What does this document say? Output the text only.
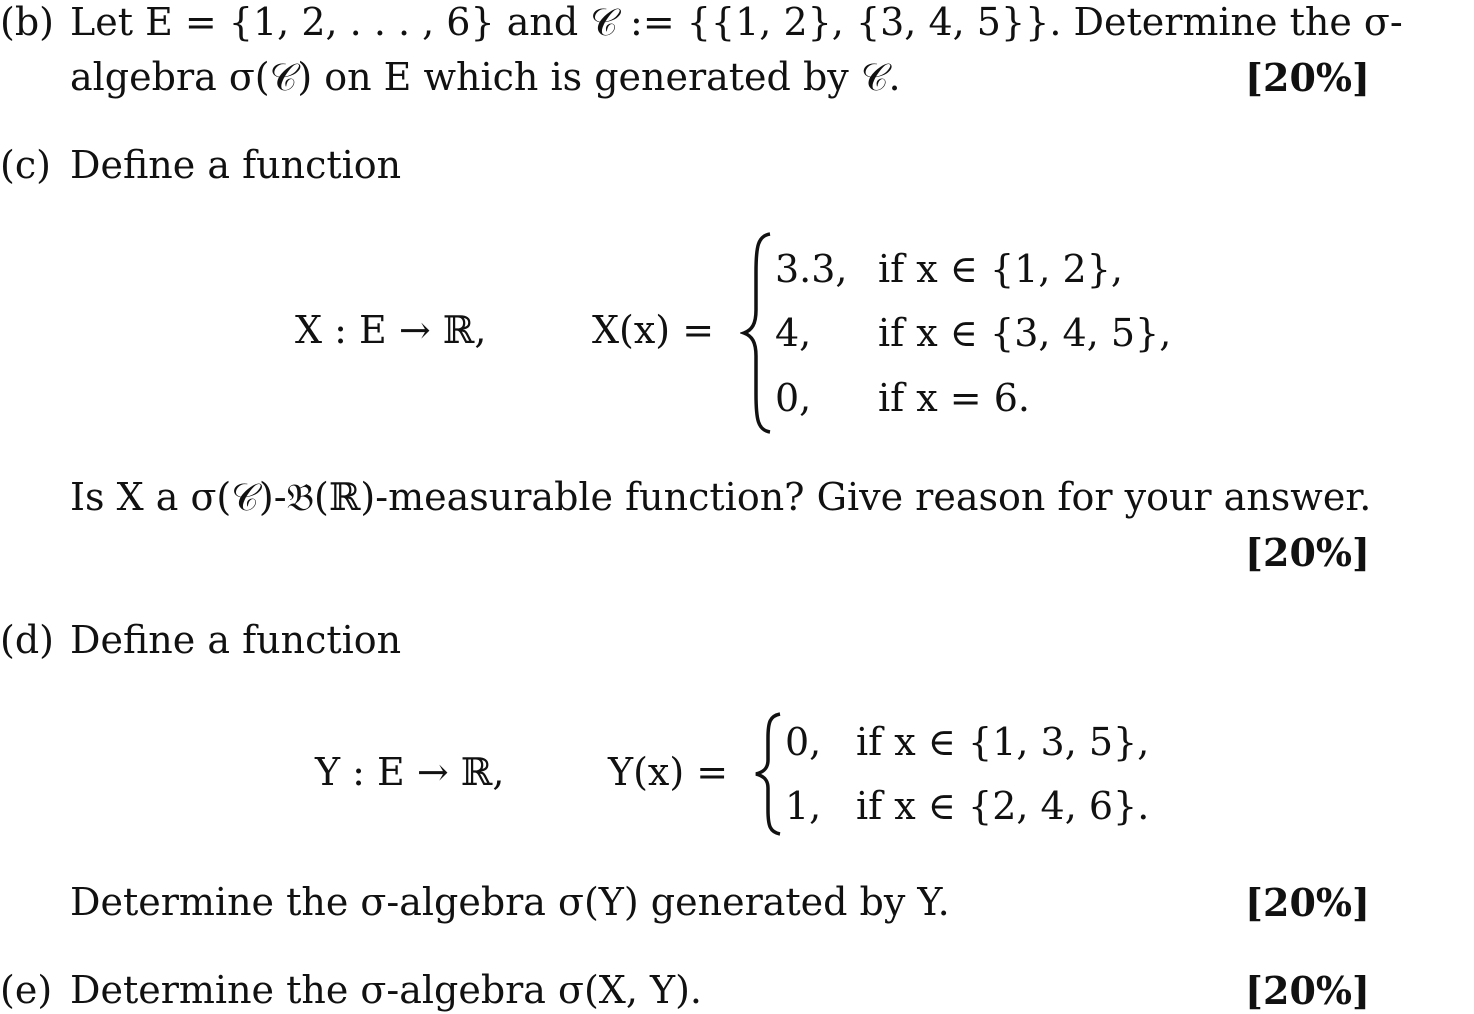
(b) Let E = {1, 2, . . . , 6} and 𝒞 := {{1, 2}, {3, 4, 5}}. Determine the σ-
algebra σ(𝒞) on E which is generated by 𝒞.	[20%]
(c) Define a function
X : E → ℝ,	X(x) =
3.3, if x ∈ {1, 2},
4, if x ∈ {3, 4, 5},
0, if x = 6.
Is X a σ(𝒞)-𝔅(ℝ)-measurable function? Give reason for your answer.
[20%]
(d) Define a function
Y : E → ℝ,	Y(x) =
0, if x ∈ {1, 3, 5},
1, if x ∈ {2, 4, 6}.
Determine the σ-algebra σ(Y) generated by Y.	[20%]
(e) Determine the σ-algebra σ(X, Y).	[20%]
